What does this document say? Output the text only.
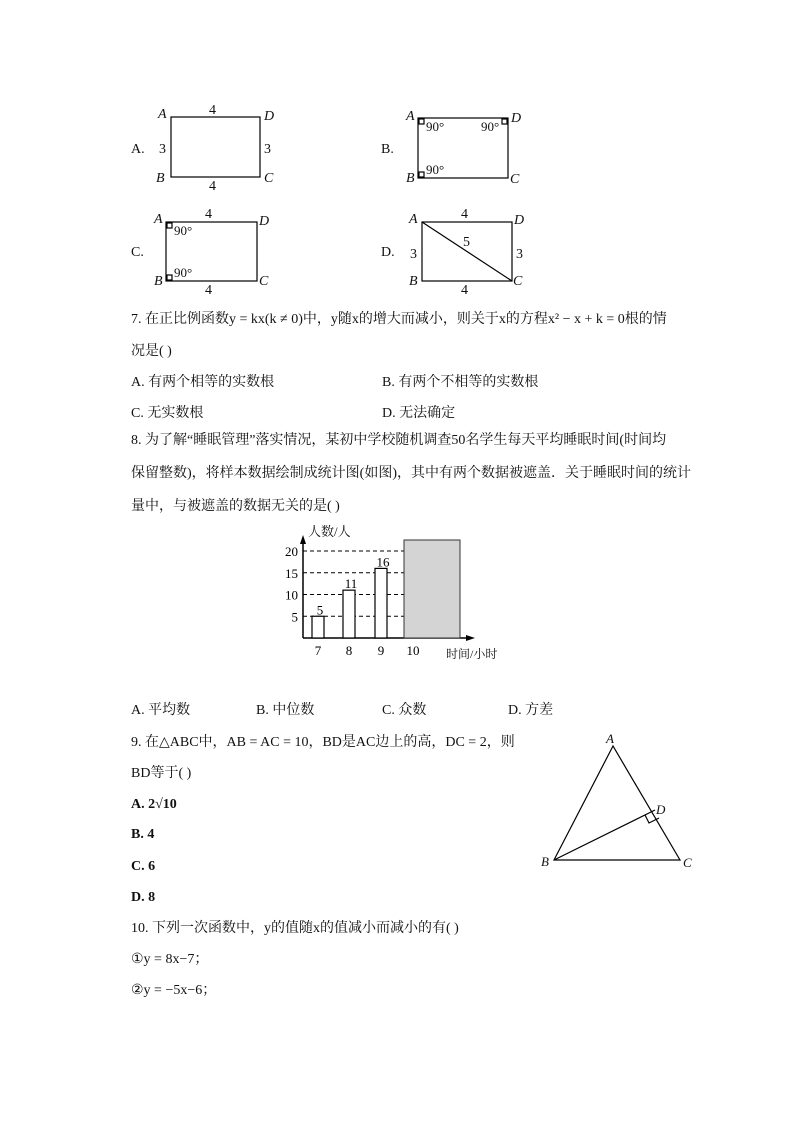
A.
A
B	C
D
4
4
3	3	B.
A
B	C
D
90°	90°
90°
C.
A
B	C
D
4
4
90°
90°
D.
A
B	C
D
4
4
3	3
5
7. 在正比例函数y = kx(k ≠ 0)中，y随x的增大而减小，则关于x的方程x² − x + k = 0根的情
况是( )
A. 有两个相等的实数根	B. 有两个不相等的实数根
C. 无实数根	D. 无法确定
8. 为了解“睡眠管理”落实情况，某初中学校随机调查50名学生每天平均睡眠时间(时间均
保留整数)，将样本数据绘制成统计图(如图)，其中有两个数据被遮盖．关于睡眠时间的统计
量中，与被遮盖的数据无关的是( )
5
10
15
20
7
5
8
11
9
16
10
人数/人
时间/小时
A. 平均数	B. 中位数	C. 众数	D. 方差
9. 在△ABC中，AB = AC = 10，BD是AC边上的高，DC = 2，则
BD等于( )
A. 2√10
B. 4
C. 6
D. 8
A
B	C
D
10. 下列一次函数中，y的值随x的值减小而减小的有( )
①y = 8x−7；
②y = −5x−6；
